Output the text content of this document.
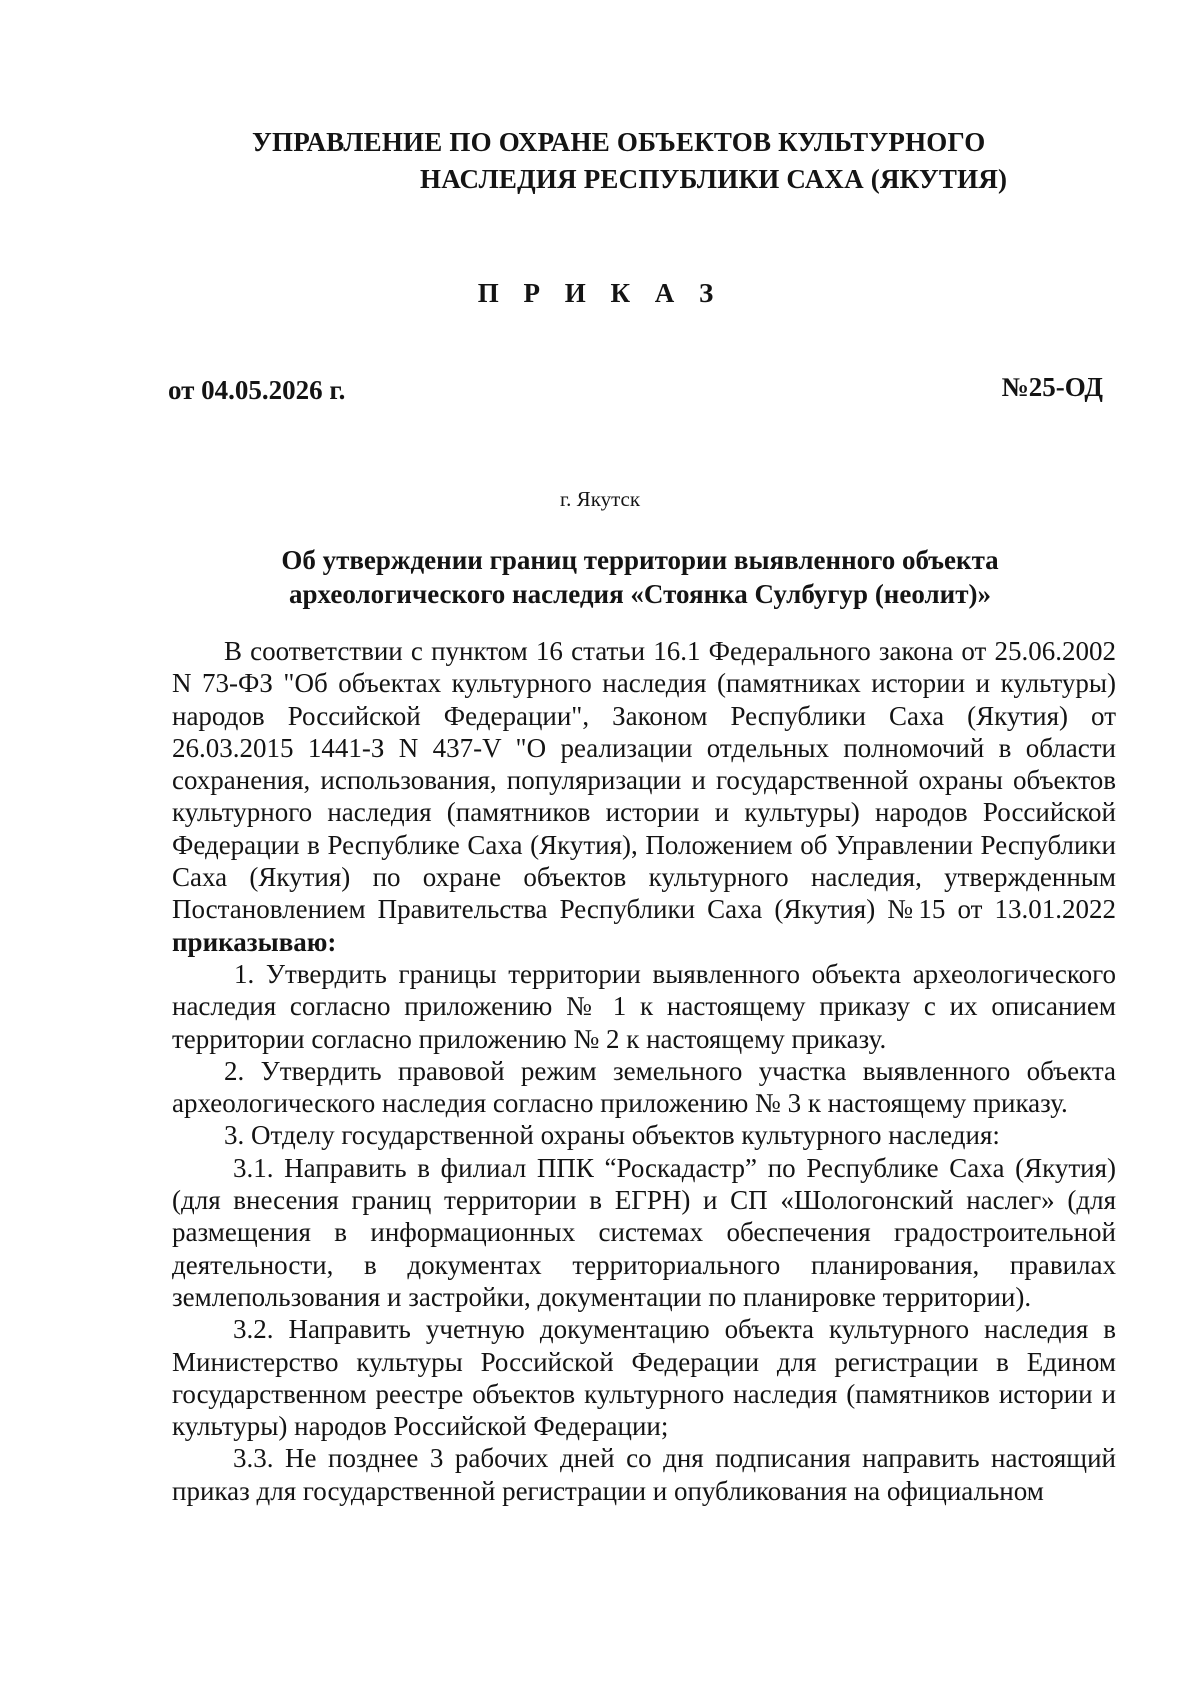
УПРАВЛЕНИЕ ПО ОХРАНЕ ОБЪЕКТОВ КУЛЬТУРНОГО
НАСЛЕДИЯ РЕСПУБЛИКИ САХА (ЯКУТИЯ)
П Р И К А З
от 04.05.2026 г.	№25-ОД
г. Якутск
Об утверждении границ территории выявленного объекта
археологического наследия «Стоянка Сулбугур (неолит)»

В соответствии с пунктом 16 статьи 16.1 Федерального закона от 25.06.2002 N 73-ФЗ "Об объектах культурного наследия (памятниках истории и культуры) народов Российской Федерации", Законом Республики Саха (Якутия) от 26.03.2015 1441-З N 437-V "О реализации отдельных полномочий в области сохранения, использования, популяризации и государственной охраны объектов культурного наследия (памятников истории и культуры) народов Российской Федерации в Республике Саха (Якутия), Положением об Управлении Республики Саха (Якутия) по охране объектов культурного наследия, утвержденным Постановлением Правительства Республики Саха (Якутия) №15 от 13.01.2022 приказываю:

1. Утвердить границы территории выявленного объекта археологического наследия согласно приложению № 1 к настоящему приказу с их описанием территории согласно приложению № 2 к настоящему приказу.

2. Утвердить правовой режим земельного участка выявленного объекта археологического наследия согласно приложению № 3 к настоящему приказу.

3. Отделу государственной охраны объектов культурного наследия:

3.1. Направить в филиал ППК “Роскадастр” по Республике Саха (Якутия) (для внесения границ территории в ЕГРН) и СП «Шологонский наслег» (для размещения в информационных системах обеспечения градостроительной деятельности, в документах территориального планирования, правилах землепользования и застройки, документации по планировке территории).

3.2. Направить учетную документацию объекта культурного наследия в Министерство культуры Российской Федерации для регистрации в Едином государственном реестре объектов культурного наследия (памятников истории и культуры) народов Российской Федерации;

3.3. Не позднее 3 рабочих дней со дня подписания направить настоящий приказ для государственной регистрации и опубликования на официальном
